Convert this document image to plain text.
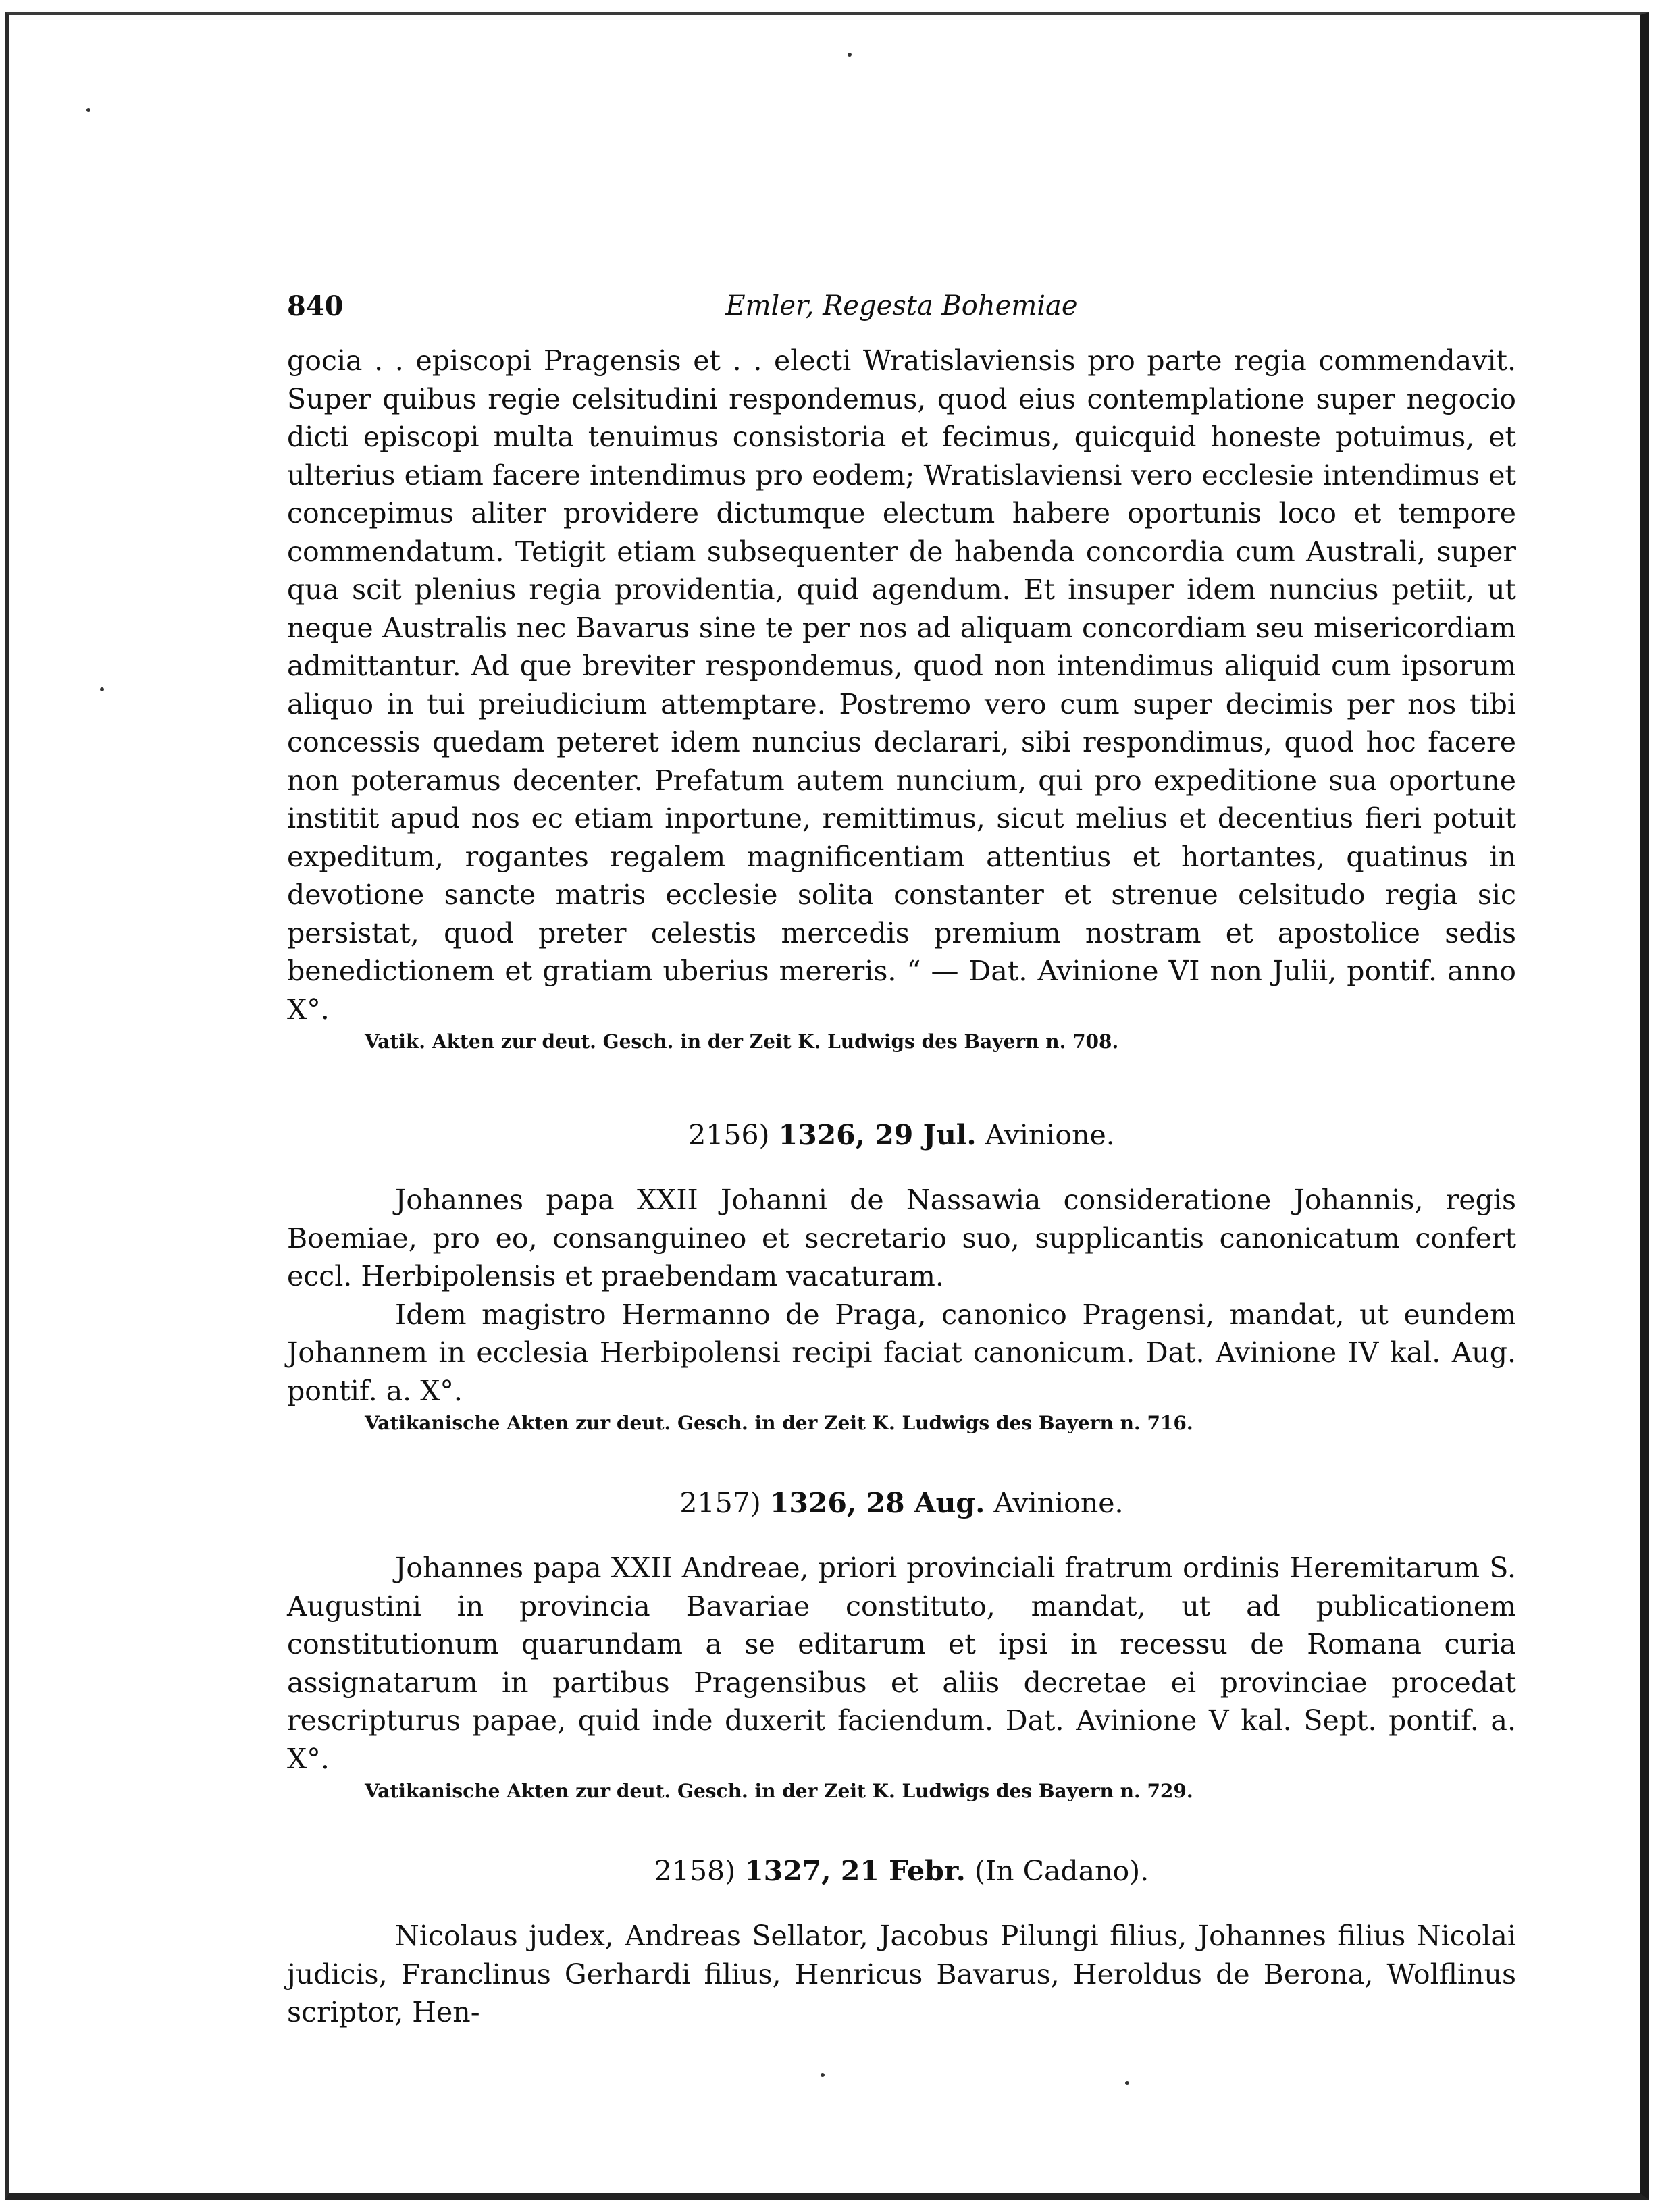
840	Emler, Regesta Bohemiae

gocia . . episcopi Pragensis et . . electi Wratislaviensis pro parte regia commendavit. Super quibus regie celsitudini respondemus, quod eius contemplatione super negocio dicti episcopi multa tenuimus consistoria et fecimus, quicquid honeste potuimus, et ulterius etiam facere intendimus pro eodem; Wratislaviensi vero ecclesie intendimus et concepimus aliter providere dictumque electum habere oportunis loco et tempore commendatum. Tetigit etiam subsequenter de habenda concordia cum Australi, super qua scit plenius regia providentia, quid agendum. Et insuper idem nuncius petiit, ut neque Australis nec Bavarus sine te per nos ad aliquam concordiam seu misericordiam admittantur. Ad que breviter respondemus, quod non intendimus aliquid cum ipsorum aliquo in tui preiudicium attemptare. Postremo vero cum super decimis per nos tibi concessis quedam peteret idem nuncius declarari, sibi respondimus, quod hoc facere non poteramus decenter. Prefatum autem nuncium, qui pro expeditione sua oportune institit apud nos ec etiam inportune, remittimus, sicut melius et decentius fieri potuit expeditum, rogantes regalem magnificentiam attentius et hortantes, quatinus in devotione sancte matris ecclesie solita constanter et strenue celsitudo regia sic persistat, quod preter celestis mercedis premium nostram et apostolice sedis benedictionem et gratiam uberius mereris. “ — Dat. Avinione VI non Julii, pontif. anno X°.

Vatik. Akten zur deut. Gesch. in der Zeit K. Ludwigs des Bayern n. 708.

2156) 1326, 29 Jul. Avinione.

Johannes papa XXII Johanni de Nassawia consideratione Johannis, regis Boemiae, pro eo, consanguineo et secretario suo, supplicantis canonicatum confert eccl. Herbipolensis et praebendam vacaturam.

Idem magistro Hermanno de Praga, canonico Pragensi, mandat, ut eundem Johannem in ecclesia Herbipolensi recipi faciat canonicum. Dat. Avinione IV kal. Aug. pontif. a. X°.

Vatikanische Akten zur deut. Gesch. in der Zeit K. Ludwigs des Bayern n. 716.

2157) 1326, 28 Aug. Avinione.

Johannes papa XXII Andreae, priori provinciali fratrum ordinis Heremitarum S. Augustini in provincia Bavariae constituto, mandat, ut ad publicationem constitutionum quarundam a se editarum et ipsi in recessu de Romana curia assignatarum in partibus Pragensibus et aliis decretae ei provinciae procedat rescripturus papae, quid inde duxerit faciendum. Dat. Avinione V kal. Sept. pontif. a. X°.

Vatikanische Akten zur deut. Gesch. in der Zeit K. Ludwigs des Bayern n. 729.

2158) 1327, 21 Febr. (In Cadano).

Nicolaus judex, Andreas Sellator, Jacobus Pilungi filius, Johannes filius Nicolai judicis, Franclinus Gerhardi filius, Henricus Bavarus, Heroldus de Berona, Wolflinus scriptor, Hen-
